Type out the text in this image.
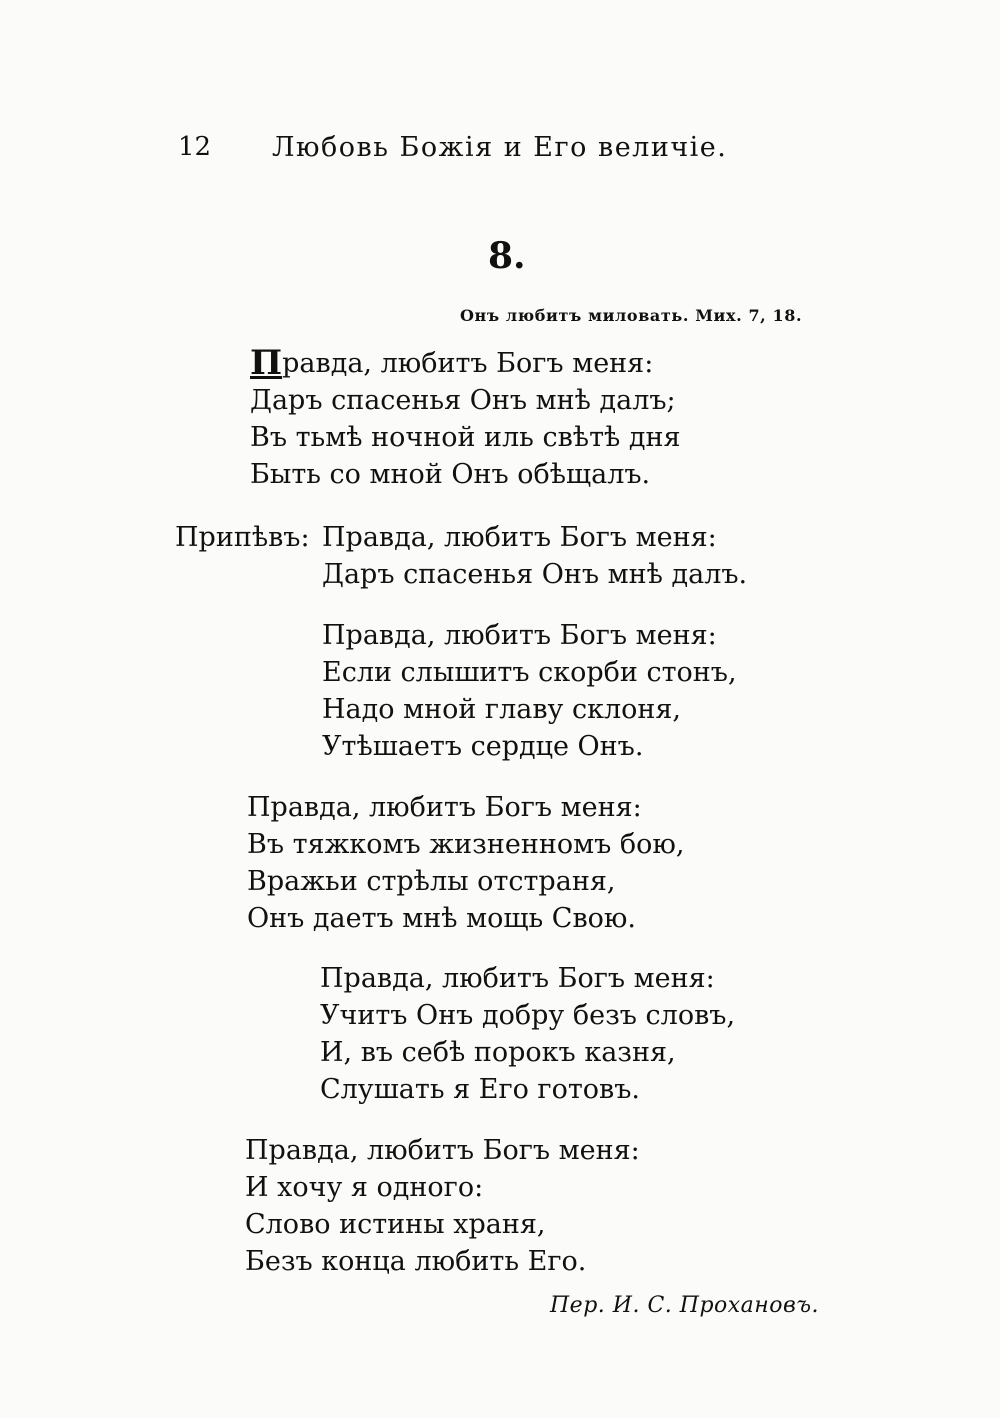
12 Любовь Божія и Его величіе.
8.
Онъ любитъ миловать. Мих. 7, 18.
Правда, любитъ Богъ меня:
Даръ спасенья Онъ мнѣ далъ;
Въ тьмѣ ночной иль свѣтѣ дня
Быть со мной Онъ обѣщалъ.
Припѣвъ: Правда, любитъ Богъ меня:
Даръ спасенья Онъ мнѣ далъ.
Правда, любитъ Богъ меня:
Если слышитъ скорби стонъ,
Надо мной главу склоня,
Утѣшаетъ сердце Онъ.
Правда, любитъ Богъ меня:
Въ тяжкомъ жизненномъ бою,
Вражьи стрѣлы отстраня,
Онъ даетъ мнѣ мощь Свою.
Правда, любитъ Богъ меня:
Учитъ Онъ добру безъ словъ,
И, въ себѣ порокъ казня,
Слушать я Его готовъ.
Правда, любитъ Богъ меня:
И хочу я одного:
Слово истины храня,
Безъ конца любить Его.
Пер. И. С. Прохановъ.
